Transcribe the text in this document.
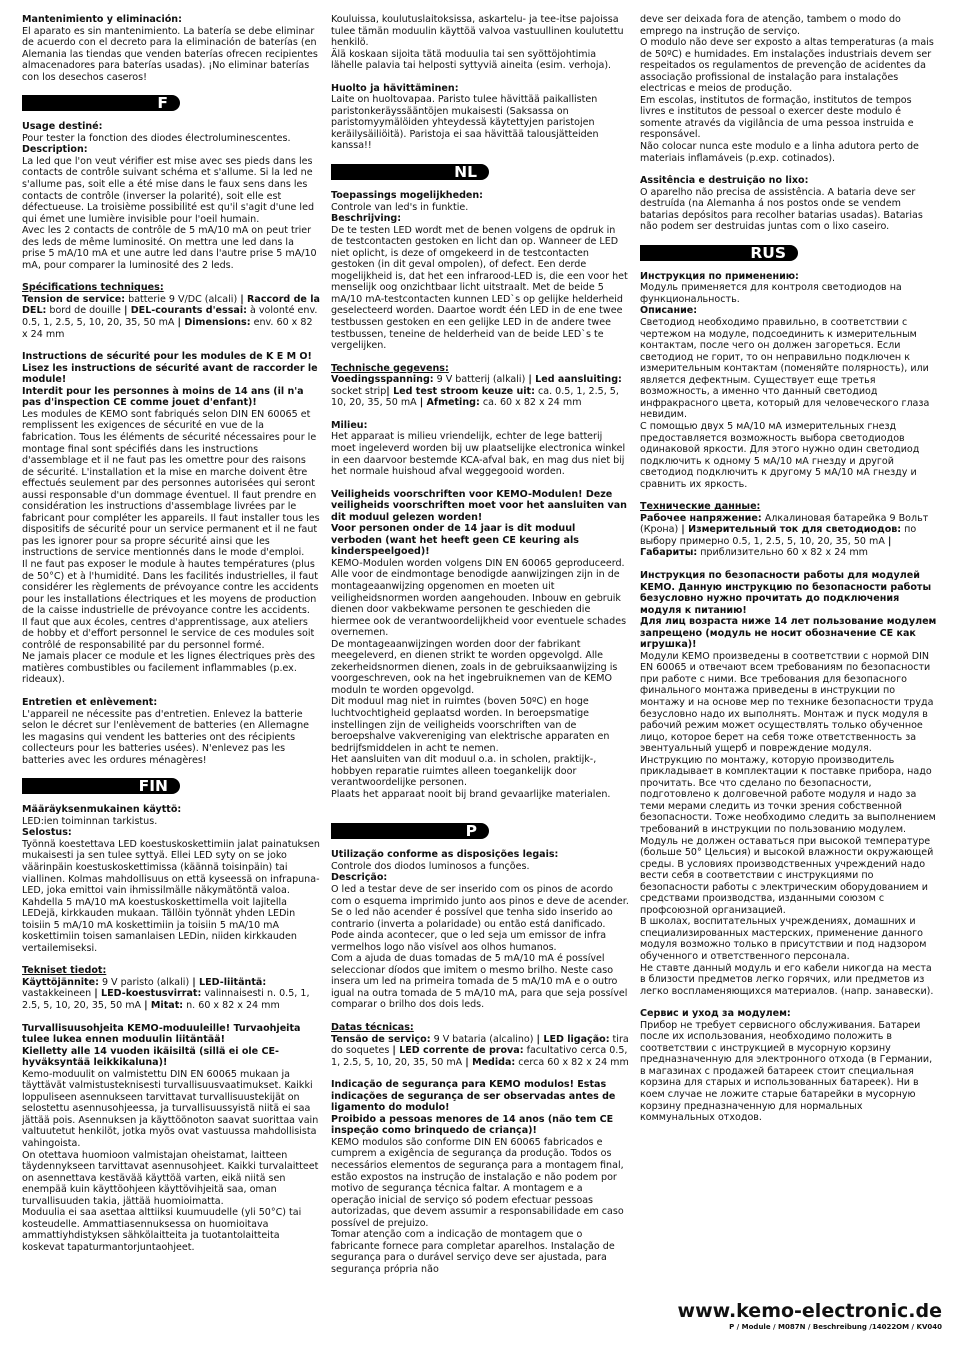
Mantenimiento y eliminación:

El aparato es sin mantenimiento. La batería se debe eliminar de acuerdo con el decreto para la eliminación de baterías (en Alemania las tiendas que venden baterías ofrecen recipientes almacenadores para baterías usadas). ¡No eliminar baterías con los desechos caseros!

F

Usage destiné:

Pour tester la fonction des diodes électroluminescentes.

Description:

La led que l'on veut vérifier est mise avec ses pieds dans les contacts de contrôle suivant schéma et s'allume. Si la led ne s'allume pas, soit elle a été mise dans le faux sens dans les contacts de contrôle (inverser la polarité), soit elle est défectueuse. La troisième possibilité est qu'il s'agit d'une led qui émet une lumière invisible pour l'oeil humain.

Avec les 2 contacts de contrôle de 5 mA/10 mA on peut trier des leds de même luminosité. On mettra une led dans la prise 5 mA/10 mA et une autre led dans l'autre prise 5 mA/10 mA, pour comparer la luminosité des 2 leds.

Spécifications techniques:

Tension de service: batterie 9 V/DC (alcali) | Raccord de la DEL: bord de douille | DEL-courants d'essai: à volonté env. 0.5, 1, 2.5, 5, 10, 20, 35, 50 mA | Dimensions: env. 60 x 82 x 24 mm

Instructions de sécurité pour les modules de K E M O! Lisez les instructions de sécurité avant de raccorder le module!

Interdit pour les personnes à moins de 14 ans (il n'a pas d'inspection CE comme jouet d'enfant)!

Les modules de KEMO sont fabriqués selon DIN EN 60065 et remplissent les exigences de sécurité en vue de la fabrication. Tous les éléments de sécurité nécessaires pour le montage final sont spécifiés dans les instructions d'assemblage et il ne faut pas les omettre pour des raisons de sécurité. L'installation et la mise en marche doivent être effectués seulement par des personnes autorisées qui seront aussi responsable d'un dommage éventuel. Il faut prendre en considération les instructions d'assemblage livrées par le fabricant pour compléter les appareils. Il faut installer tous les dispositifs de sécurité pour un service permanent et il ne faut pas les ignorer pour sa propre sécurité ainsi que les instructions de service mentionnés dans le mode d'emploi.

Il ne faut pas exposer le module à hautes températures (plus de 50°C) et à l'humidité. Dans les facilités industrielles, il faut considérer les règlements de prévoyance contre les accidents pour les installations électriques et les moyens de production de la caisse industrielle de prévoyance contre les accidents.

Il faut que aux écoles, centres d'apprentissage, aux ateliers de hobby et d'effort personnel le service de ces modules soit contrôlé de responsabilité par du personnel formé.

Ne jamais placer ce module et les lignes électriques près des matières combustibles ou facilement inflammables (p.ex. rideaux).

Entretien et enlèvement:

L'appareil ne nécessite pas d'entretien. Enlevez la batterie selon le décret sur l'enlèvement de batteries (en Allemagne les magasins qui vendent les batteries ont des récipients collecteurs pour les batteries usées). N'enlevez pas les batteries avec les ordures ménagères!

FIN

Määräyksenmukainen käyttö:

LED:ien toiminnan tarkistus.

Selostus:

Työnnä koestettava LED koestuskoskettimiin jalat painatuksen mukaisesti ja sen tulee syttyä. Ellei LED syty on se joko väärinpäin koestuskoskettimissa (käännä toisinpäin) tai viallinen. Kolmas mahdollisuus on että kyseessä on infrapuna-LED, joka emittoi vain ihmissilmälle näkymätöntä valoa. Kahdella 5 mA/10 mA koestuskoskettimella voit lajitella LEDejä, kirkkauden mukaan. Tällöin työnnät yhden LEDin toisiin 5 mA/10 mA koskettimiin ja toisiin 5 mA/10 mA koskettimiin toisen samanlaisen LEDin, niiden kirkkauden vertailemiseksi.

Tekniset tiedot:

Käyttöjännite: 9 V paristo (alkali) | LED-liitäntä: vastakkeineen | LED-koestusvirrat: valinnaisesti n. 0.5, 1, 2.5, 5, 10, 20, 35, 50 mA | Mitat: n. 60 x 82 x 24 mm

Turvallisuusohjeita KEMO-moduuleille! Turvaohjeita tulee lukea ennen moduulin liitäntää!

Kielletty alle 14 vuoden ikäisiltä (sillä ei ole CE-hyväksyntää leikkikaluna)!

Kemo-moduulit on valmistettu DIN EN 60065 mukaan ja täyttävät valmistusteknisesti turvallisuusvaatimukset. Kaikki loppuliseen asennukseen tarvittavat turvallisuustekijät on selostettu asennusohjeessa, ja turvallisuussyistä niitä ei saa jättää pois. Asennuksen ja käyttöönoton saavat suorittaa vain valtuutetut henkilöt, jotka myös ovat vastuussa mahdollisista vahingoista.

On otettava huomioon valmistajan oheistamat, laitteen täydennykseen tarvittavat asennusohjeet. Kaikki turvalaitteet on asennettava kestävää käyttöä varten, eikä niitä sen enempää kuin käyttöohjeen käyttövihjeitä saa, oman turvallisuuden takia, jättää huomioimatta.

Moduulia ei saa asettaa alttiiksi kuumuudelle (yli 50°C) tai kosteudelle. Ammattiasennuksessa on huomioitava ammattiyhdistyksen sähkölaitteita ja tuotantolaitteita koskevat tapaturmantorjuntaohjeet.

Kouluissa, koulutuslaitoksissa, askartelu- ja tee-itse pajoissa tulee tämän moduulin käyttöä valvoa vastuullinen koulutettu henkilö.

Älä koskaan sijoita tätä moduulia tai sen syöttöjohtimia lähelle palavia tai helposti syttyviä aineita (esim. verhoja).

Huolto ja hävittäminen:

Laite on huoltovapaa. Paristo tulee hävittää paikallisten paristonkeräyssääntöjen mukaisesti (Saksassa on paristomyymälöiden yhteydessä käytettyjen paristojen keräilysäiliöitä). Paristoja ei saa hävittää talousjätteiden kanssa!!

NL

Toepassings mogelijkheden:

Controle van led's in funktie.

Beschrijving:

De te testen LED wordt met de benen volgens de opdruk in de testcontacten gestoken en licht dan op. Wanneer de LED niet oplicht, is deze of omgekeerd in de testcontacten gestoken (in dit geval ompolen), of defect. Een derde mogelijkheid is, dat het een infrarood-LED is, die een voor het menselijk oog onzichtbaar licht uitstraalt. Met de beide 5 mA/10 mA-testcontacten kunnen LED`s op gelijke helderheid geselecteerd worden. Daartoe wordt één LED in de ene twee testbussen gestoken en een gelijke LED in de andere twee testbussen, teneine de helderheid van de beide LED`s te vergelijken.

Technische gegevens:

Voedingsspanning: 9 V batterij (alkali) | Led aansluiting: socket strip| Led test stroom keuze uit: ca. 0.5, 1, 2.5, 5, 10, 20, 35, 50 mA | Afmeting: ca. 60 x 82 x 24 mm

Milieu:

Het apparaat is milieu vriendelijk, echter de lege batterij moet ingeleverd worden bij uw plaatselijke electronica winkel in een daarvoor bestemde KCA-afval bak, en mag dus niet bij het normale huishoud afval weggegooid worden.

Veiligheids voorschriften voor KEMO-Modulen! Deze veiligheids voorschriften moet voor het aansluiten van dit moduul gelezen worden!

Voor personen onder de 14 jaar is dit moduul verboden (want het heeft geen CE keuring als kinderspeelgoed)!

KEMO-Modulen worden volgens DIN EN 60065 geproduceerd. Alle voor de eindmontage benodigde aanwijzingen zijn in de montageaanwijzing opgenomen en moeten uit veiligheidsnormen worden aangehouden. Inbouw en gebruik dienen door vakbekwame personen te geschieden die hiermee ook de verantwoordelijkheid voor eventuele schades overnemen.

De montageaanwijzingen worden door der fabrikant meegeleverd, en dienen strikt te worden opgevolgd. Alle zekerheidsnormen dienen, zoals in de gebruiksaanwijzing is voorgeschreven, ook na het ingebruiknemen van de KEMO moduln te worden opgevolgd.

Dit moduul mag niet in ruimtes (boven 50ºC) en hoge luchtvochtigheid geplaatsd worden. In beroepsmatige instellingen zijn de veiligheids voorschriften van de beroepshalve vakvereniging van elektrische apparaten en bedrijfsmiddelen in acht te nemen.

Het aansluiten van dit moduul o.a. in scholen, praktijk-, hobbyen reparatie ruimtes alleen toegankelijk door verantwoordelijke personen.

Plaats het apparaat nooit bij brand gevaarlijke materialen.

P

Utilização conforme as disposições legais:

Controle dos diodos luminosos a funções.

Descrição:

O led a testar deve de ser inserido com os pinos de acordo com o esquema imprimido junto aos pinos e deve de acender. Se o led não acender é possível que tenha sido inserido ao contrario (inverta a polaridade) ou então está danificado. Pode ainda acontecer, que o led seja um emissor de infra vermelhos logo não visível aos olhos humanos.

Com a ajuda de duas tomadas de 5 mA/10 mA é possível seleccionar díodos que imitem o mesmo brilho. Neste caso insera um led na primeira tomada de 5 mA/10 mA e o outro igual na outra tomada de 5 mA/10 mA, para que seja possível comparar o brilho dos dois leds.

Datas técnicas:

Tensão de serviço: 9 V bataria (alcalino) | LED ligação: tira do soquetes | LED corrente de prova: facultativo cerca 0.5, 1, 2.5, 5, 10, 20, 35, 50 mA | Medida: cerca 60 x 82 x 24 mm

Indicação de segurança para KEMO modulos! Estas indicações de segurança de ser observadas antes de ligamento do modulo!

Proibido a pessoas menores de 14 anos (não tem CE inspeção como brinquedo de criança)!

KEMO modulos são conforme DIN EN 60065 fabricados e cumprem a exigência de segurança da produção. Todos os necessários elementos de segurança para a montagem final, estão expostos na instrução de instalação e não podem por motivo de segurança técnica faltar. A montagem e a operação inicial de serviço só podem efectuar pessoas autorizadas, que devem assumir a responsabilidade em caso possível de prejuizo.

Tomar atenção com a indicação de montagem que o fabricante fornece para completar aparelhos. Instalação de segurança para o durável serviço deve ser ajustada, para segurança própria não

deve ser deixada fora de atenção, tambem o modo do emprego na instrução de serviço.

O modulo não deve ser exposto a altas temperaturas (a mais de 50ºC) e humidades. Em instalações industriais devem ser respeitados os regulamentos de prevenção de acidentes da associação profissional de instalação para instalações electricas e meios de produção.

Em escolas, institutos de formação, institutos de tempos livres e institutos de pessoal o exercer deste modulo é somente através da vigilância de uma pessoa instruida e responsável.

Não colocar nunca este modulo e a linha adutora perto de materiais inflamáveis (p.exp. cotinados).

Assitência e destruição no lixo:

O aparelho não precisa de assistência. A bataria deve ser destruída (na Alemanha á nos postos onde se vendem batarias depósitos para recolher batarias usadas). Batarias não podem ser destruidas juntas com o lixo caseiro.

RUS

Инструкция по применению:

Модуль применяется для контроля светодиодов на функциональность.

Описание:

Светодиод необходимо правильно, в соответствии с чертежом на модуле, подсоединить к измерительным контактам, после чего он должен загореться. Если светодиод не горит, то он неправильно подключен к измерительным контактам (поменяйте полярность), или является дефектным. Существует еще третья возможность, а именно что данный светодиод инфракрасного цвета, который для человеческого глаза невидим.

С помощью двух 5 мА/10 мА измерительных гнезд предоставляется возможность выбора светодиодов одинаковой яркости. Для этого нужно один светодиод подключить к одному 5 мА/10 мА гнезду и другой светодиод подключить к другому 5 мА/10 мА гнезду и сравнить их яркость.

Технические данные:

Рабочее напряжение: Алкалиновая батарейка 9 Вольт (Крона) | Измерительный ток для светодиодов: по выбору примерно 0.5, 1, 2.5, 5, 10, 20, 35, 50 mA | Габариты: приблизительно 60 x 82 x 24 mm

Инструкция по безопасности работы для модулей KEMO. Данную инструкцию по безопасности работы безусловно нужно прочитать до подключения модуля к питанию!

Для лиц возраста ниже 14 лет пользование модулем запрещено (модуль не носит обозначение CE как игрушка)!

Модули KEMO произведены в соответствии с нормой DIN EN 60065 и отвечают всем требованиям по безопасности при работе с ними. Все требования для безопасного финального монтажа приведены в инструкции по монтажу и на основе мер по технике безопасности труда безусловно надо их выполнять. Монтаж и пуск модуля в рабочий режим может осуществлять только обученное лицо, которое берет на себя тоже ответственность за эвентуальный ущерб и повреждение модуля.

Инструкцию по монтажу, которую производитель прикладывает в комплектации к поставке прибора, надо прочитать. Все что сделано по безопасности, подготовлено к долговечной работе модуля и надо за теми мерами следить из точки зрения собственной безопасности. Тоже необходимо следить за выполнением требований в инструкции по пользованию модулем.

Модуль не должен оставаться при высокой температуре (больше 50° Цельсия) и высокой влажности окружающей среды. В условиях производственных учреждений надо вести себя в соответствии с инструкциями по безопасности работы с электрическим оборудованием и средствами производства, изданными союзом с профсоюзной организацией.

В школах, воспитательных учреждениях, домашних и специализированных мастерских, применение данного модуля возможно только в присутствии и под надзором обученного и ответственного персонала.

Не ставте данный модуль и его кабели никогда на места в близости предметов легко горячих, или предметов из легко воспламеняющихся материалов. (напр. занавески).

Сервис и уход за модулем:

Прибор не требует сервисного обслуживания. Батареи после их использования, необходимо положить в соответствии с инструкцией в мусорную корзину предназначенную для электронного отхода (в Германии, в магазинах с продажей батареек стоит специальная корзина для старых и использованных батареек). Ни в коем случае не ложите старые батарейки в мусорную корзину предназначенную для нормальных коммунальных отходов.

www.kemo-electronic.de
P / Module / M087N / Beschreibung /14022OM / KV040
